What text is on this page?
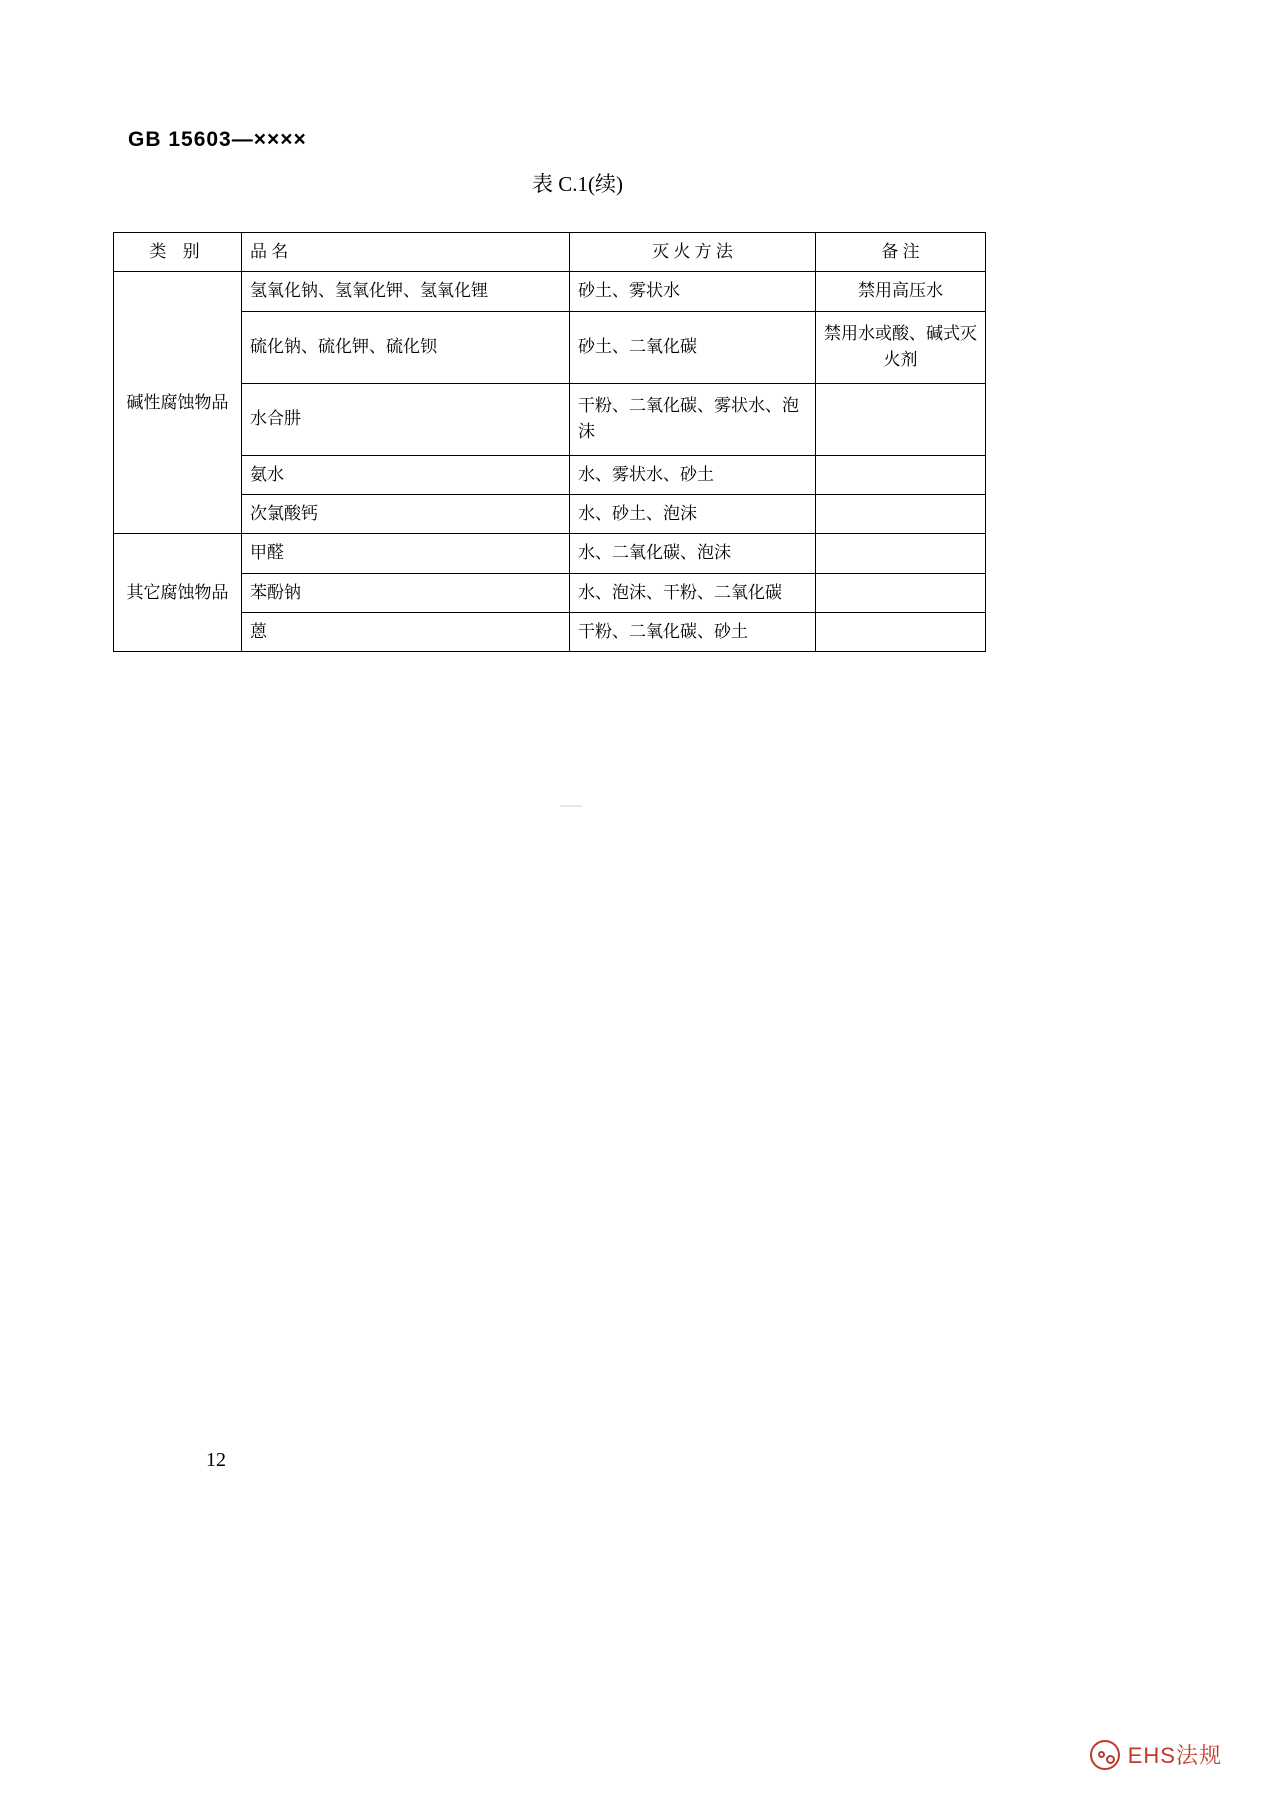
GB 15603—××××
表 C.1(续)
类 别	品 名	灭 火 方 法	备 注
碱性腐蚀物品	氢氧化钠、氢氧化钾、氢氧化锂	砂土、雾状水	禁用高压水
	硫化钠、硫化钾、硫化钡	砂土、二氧化碳	禁用水或酸、碱式灭火剂
	水合肼	干粉、二氧化碳、雾状水、泡沫	
	氨水	水、雾状水、砂土	
	次氯酸钙	水、砂土、泡沫	
其它腐蚀物品	甲醛	水、二氧化碳、泡沫	
	苯酚钠	水、泡沫、干粉、二氧化碳	
	蒽	干粉、二氧化碳、砂土	
12
EHS法规
